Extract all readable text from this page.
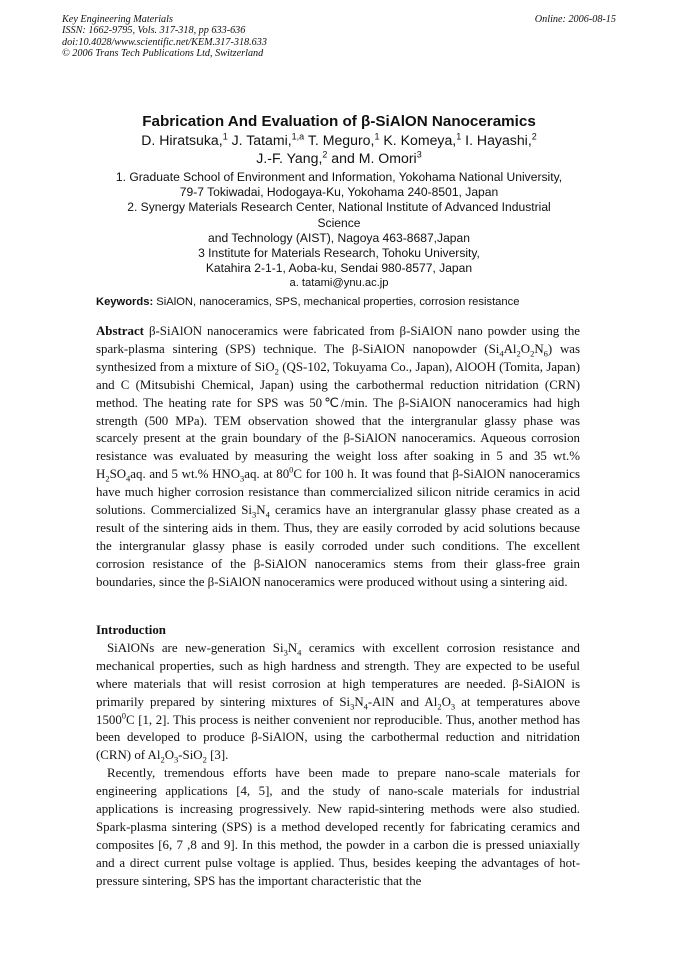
Key Engineering Materials
ISSN: 1662-9795, Vols. 317-318, pp 633-636
doi:10.4028/www.scientific.net/KEM.317-318.633
© 2006 Trans Tech Publications Ltd, Switzerland
Online: 2006-08-15
Fabrication And Evaluation of β-SiAlON Nanoceramics
D. Hiratsuka,$^1$ J. Tatami,$^{1,a}$ T. Meguro,$^1$ K. Komeya,$^1$ I. Hayashi,$^2$
J.-F. Yang,$^2$ and M. Omori$^3$
1. Graduate School of Environment and Information, Yokohama National University,
79-7 Tokiwadai, Hodogaya-Ku, Yokohama 240-8501, Japan
2. Synergy Materials Research Center, National Institute of Advanced Industrial
Science
and Technology (AIST), Nagoya 463-8687,Japan
3 Institute for Materials Research, Tohoku University,
Katahira 2-1-1, Aoba-ku, Sendai 980-8577, Japan
a. tatami@ynu.ac.jp
Keywords: SiAlON, nanoceramics, SPS, mechanical properties, corrosion resistance
Abstract β-SiAlON nanoceramics were fabricated from β-SiAlON nano powder using the spark-plasma sintering (SPS) technique. The β-SiAlON nanopowder $(Si_4Al_2O_2N_6)$ was synthesized from a mixture of SiO$_2$ (QS-102, Tokuyama Co., Japan), AlOOH (Tomita, Japan) and C (Mitsubishi Chemical, Japan) using the carbothermal reduction nitridation (CRN) method. The heating rate for SPS was 50℃/min. The β-SiAlON nanoceramics had high strength (500 MPa). TEM observation showed that the intergranular glassy phase was scarcely present at the grain boundary of the β-SiAlON nanoceramics. Aqueous corrosion resistance was evaluated by measuring the weight loss after soaking in 5 and 35 wt.% $H_2SO_4aq$. and 5 wt.% $HNO_3aq$. at $80^0C$ for 100 h. It was found that β-SiAlON nanoceramics have much higher corrosion resistance than commercialized silicon nitride ceramics in acid solutions. Commercialized $Si_3N_4$ ceramics have an intergranular glassy phase created as a result of the sintering aids in them. Thus, they are easily corroded by acid solutions because the intergranular glassy phase is easily corroded under such conditions. The excellent corrosion resistance of the β-SiAlON nanoceramics stems from their glass-free grain boundaries, since the β-SiAlON nanoceramics were produced without using a sintering aid.
Introduction

SiAlONs are new-generation $Si_3N_4$ ceramics with excellent corrosion resistance and mechanical properties, such as high hardness and strength. They are expected to be useful where materials that will resist corrosion at high temperatures are needed. β-SiAlON is primarily prepared by sintering mixtures of $Si_3N_4$-AlN and $Al_2O_3$ at temperatures above 1500$^0$C [1, 2]. This process is neither convenient nor reproducible. Thus, another method has been developed to produce β-SiAlON, using the carbothermal reduction and nitridation (CRN) of $Al_2O_3-SiO_2$ [3].

Recently, tremendous efforts have been made to prepare nano-scale materials for engineering applications [4, 5], and the study of nano-scale materials for industrial applications is increasing progressively. New rapid-sintering methods were also studied. Spark-plasma sintering (SPS) is a method developed recently for fabricating ceramics and composites [6, 7 ,8 and 9]. In this method, the powder in a carbon die is pressed uniaxially and a direct current pulse voltage is applied. Thus, besides keeping the advantages of hot-pressure sintering, SPS has the important characteristic that the
